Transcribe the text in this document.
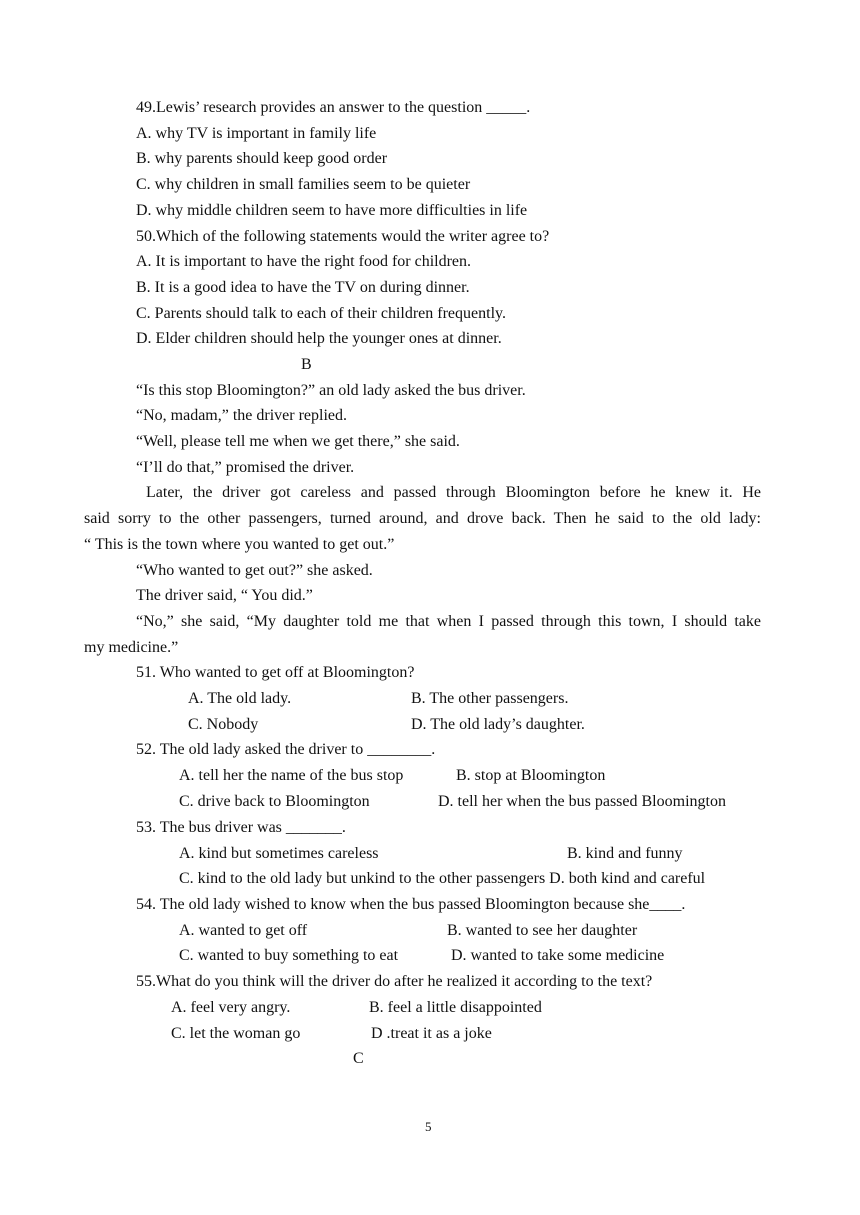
49.Lewis’ research provides an answer to the question _____.
A. why TV is important in family life
B. why parents should keep good order
C. why children in small families seem to be quieter
D. why middle children seem to have more difficulties in life
50.Which of the following statements would the writer agree to?
A. It is important to have the right food for children.
B. It is a good idea to have the TV on during dinner.
C. Parents should talk to each of their children frequently.
D. Elder children should help the younger ones at dinner.
B
“Is this stop Bloomington?” an old lady asked the bus driver.
“No, madam,” the driver replied.
“Well, please tell me when we get there,” she said.
“I’ll do that,” promised the driver.
Later, the driver got careless and passed through Bloomington before he knew it. He
said sorry to the other passengers, turned around, and drove back. Then he said to the old lady:
“ This is the town where you wanted to get out.”
“Who wanted to get out?” she asked.
The driver said, “ You did.”
“No,” she said, “My daughter told me that when I passed through this town, I should take
my medicine.”
51. Who wanted to get off at Bloomington?
A. The old lady.	B. The other passengers.
C. Nobody	D. The old lady’s daughter.
52. The old lady asked the driver to ________.
A. tell her the name of the bus stop	B. stop at Bloomington
C. drive back to Bloomington	D. tell her when the bus passed Bloomington
53. The bus driver was _______.
A. kind but sometimes careless	B. kind and funny
C. kind to the old lady but unkind to the other passengers D. both kind and careful
54. The old lady wished to know when the bus passed Bloomington because she____.
A. wanted to get off	B. wanted to see her daughter
C. wanted to buy something to eat	D. wanted to take some medicine
55.What do you think will the driver do after he realized it according to the text?
A. feel very angry.	B. feel a little disappointed
C. let the woman go	D .treat it as a joke
C
5
